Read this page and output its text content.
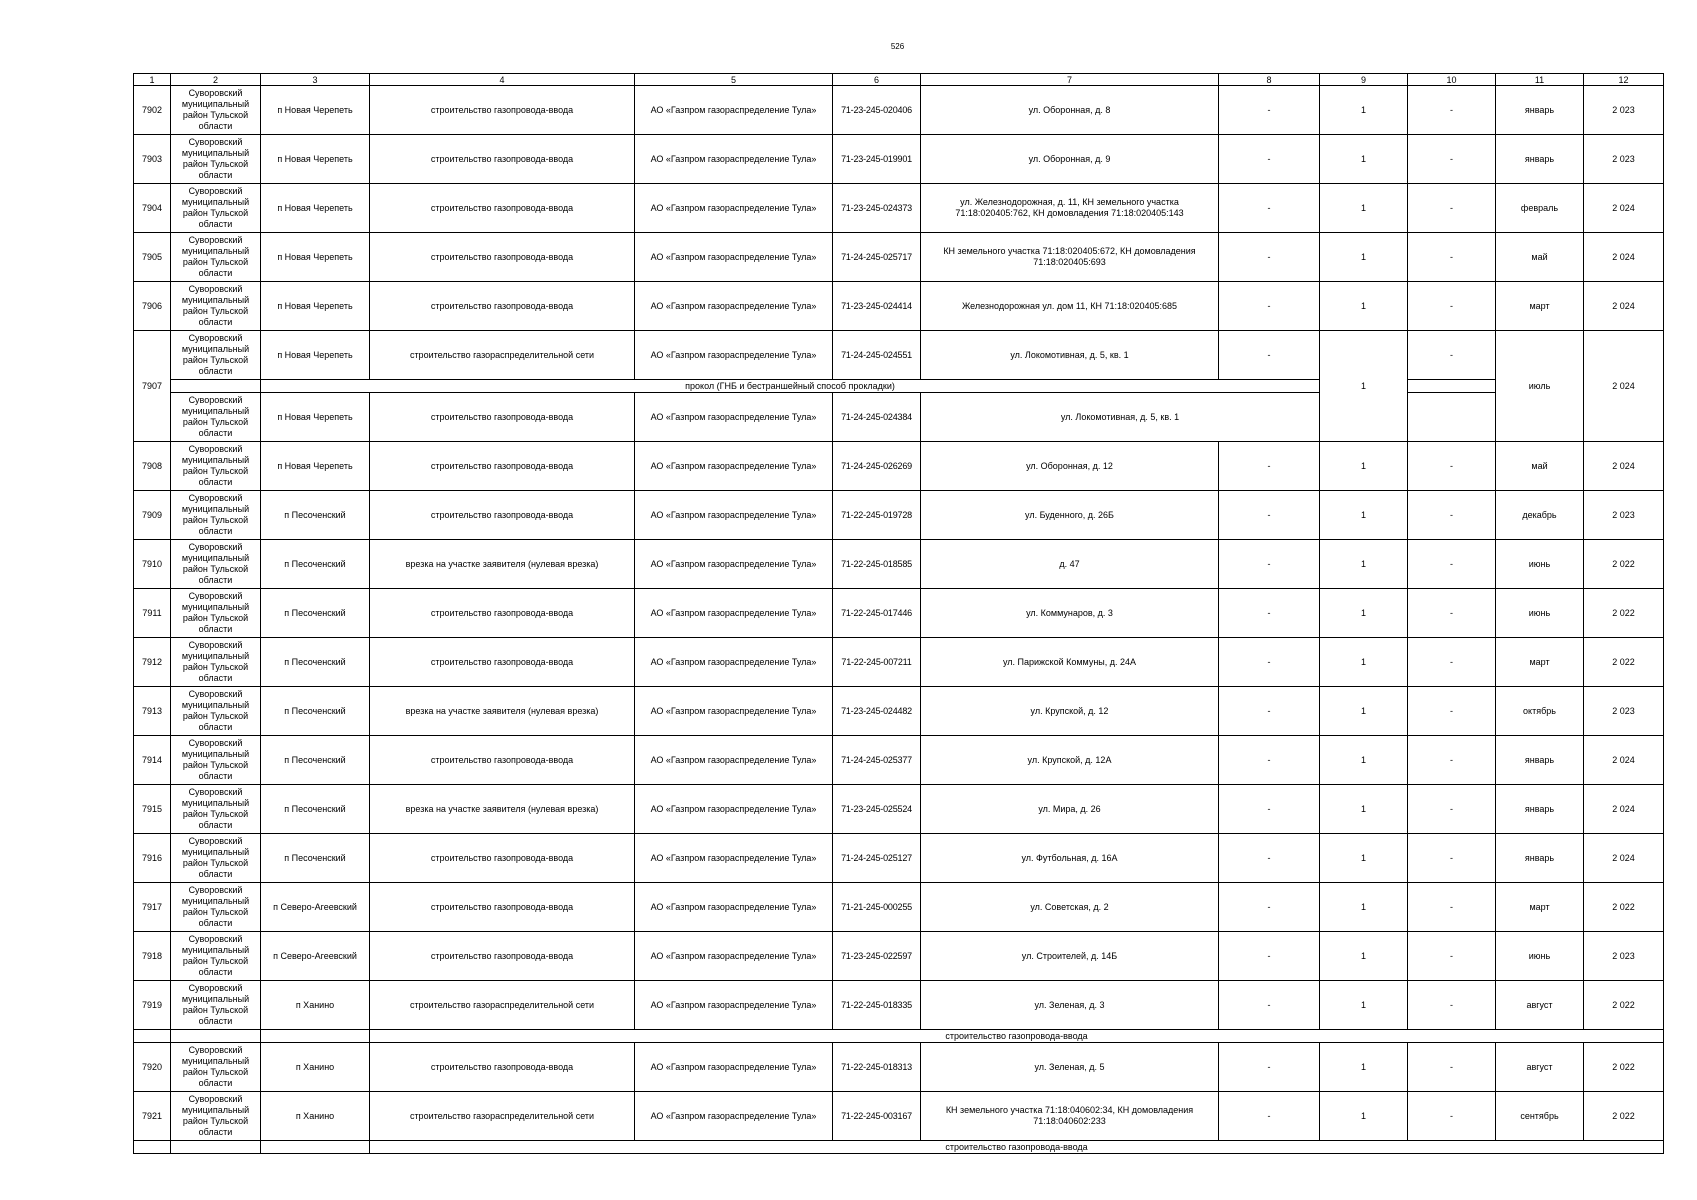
526
1	2	3	4	5	6	7	8	9	10	11	12
7902	Суворовский муниципальный район Тульской области	п Новая Черепеть	строительство газопровода-ввода	АО «Газпром газораспределение Тула»	71-23-245-020406	ул. Оборонная, д. 8	-	1	-	январь	2 023
7903	Суворовский муниципальный район Тульской области	п Новая Черепеть	строительство газопровода-ввода	АО «Газпром газораспределение Тула»	71-23-245-019901	ул. Оборонная, д. 9	-	1	-	январь	2 023
7904	Суворовский муниципальный район Тульской области	п Новая Черепеть	строительство газопровода-ввода	АО «Газпром газораспределение Тула»	71-23-245-024373	ул. Железнодорожная, д. 11, КН земельного участка 71:18:020405:762, КН домовладения 71:18:020405:143	-	1	-	февраль	2 024
7905	Суворовский муниципальный район Тульской области	п Новая Черепеть	строительство газопровода-ввода	АО «Газпром газораспределение Тула»	71-24-245-025717	КН земельного участка 71:18:020405:672, КН домовладения 71:18:020405:693	-	1	-	май	2 024
7906	Суворовский муниципальный район Тульской области	п Новая Черепеть	строительство газопровода-ввода	АО «Газпром газораспределение Тула»	71-23-245-024414	Железнодорожная ул. дом 11, КН 71:18:020405:685	-	1	-	март	2 024
7907	Суворовский муниципальный район Тульской области	п Новая Черепеть	строительство газораспределительной сети	АО «Газпром газораспределение Тула»	71-24-245-024551	ул. Локомотивная, д. 5, кв. 1	-	1	-	июль	2 024
		прокол (ГНБ и бестраншейный способ прокладки)									
	Суворовский муниципальный район Тульской области	п Новая Черепеть	строительство газопровода-ввода	АО «Газпром газораспределение Тула»	71-24-245-024384	ул. Локомотивная, д. 5, кв. 1					
7908	Суворовский муниципальный район Тульской области	п Новая Черепеть	строительство газопровода-ввода	АО «Газпром газораспределение Тула»	71-24-245-026269	ул. Оборонная, д. 12	-	1	-	май	2 024
7909	Суворовский муниципальный район Тульской области	п Песоченский	строительство газопровода-ввода	АО «Газпром газораспределение Тула»	71-22-245-019728	ул. Буденного, д. 26Б	-	1	-	декабрь	2 023
7910	Суворовский муниципальный район Тульской области	п Песоченский	врезка на участке заявителя (нулевая врезка)	АО «Газпром газораспределение Тула»	71-22-245-018585	д. 47	-	1	-	июнь	2 022
7911	Суворовский муниципальный район Тульской области	п Песоченский	строительство газопровода-ввода	АО «Газпром газораспределение Тула»	71-22-245-017446	ул. Коммунаров, д. 3	-	1	-	июнь	2 022
7912	Суворовский муниципальный район Тульской области	п Песоченский	строительство газопровода-ввода	АО «Газпром газораспределение Тула»	71-22-245-007211	ул. Парижской Коммуны, д. 24А	-	1	-	март	2 022
7913	Суворовский муниципальный район Тульской области	п Песоченский	врезка на участке заявителя (нулевая врезка)	АО «Газпром газораспределение Тула»	71-23-245-024482	ул. Крупской, д. 12	-	1	-	октябрь	2 023
7914	Суворовский муниципальный район Тульской области	п Песоченский	строительство газопровода-ввода	АО «Газпром газораспределение Тула»	71-24-245-025377	ул. Крупской, д. 12А	-	1	-	январь	2 024
7915	Суворовский муниципальный район Тульской области	п Песоченский	врезка на участке заявителя (нулевая врезка)	АО «Газпром газораспределение Тула»	71-23-245-025524	ул. Мира, д. 26	-	1	-	январь	2 024
7916	Суворовский муниципальный район Тульской области	п Песоченский	строительство газопровода-ввода	АО «Газпром газораспределение Тула»	71-24-245-025127	ул. Футбольная, д. 16А	-	1	-	январь	2 024
7917	Суворовский муниципальный район Тульской области	п Северо-Агеевский	строительство газопровода-ввода	АО «Газпром газораспределение Тула»	71-21-245-000255	ул. Советская, д. 2	-	1	-	март	2 022
7918	Суворовский муниципальный район Тульской области	п Северо-Агеевский	строительство газопровода-ввода	АО «Газпром газораспределение Тула»	71-23-245-022597	ул. Строителей, д. 14Б	-	1	-	июнь	2 023
7919	Суворовский муниципальный район Тульской области	п Ханино	строительство газораспределительной сети	АО «Газпром газораспределение Тула»	71-22-245-018335	ул. Зеленая, д. 3	-	1	-	август	2 022
			строительство газопровода-ввода								
7920	Суворовский муниципальный район Тульской области	п Ханино	строительство газопровода-ввода	АО «Газпром газораспределение Тула»	71-22-245-018313	ул. Зеленая, д. 5	-	1	-	август	2 022
7921	Суворовский муниципальный район Тульской области	п Ханино	строительство газораспределительной сети	АО «Газпром газораспределение Тула»	71-22-245-003167	КН земельного участка 71:18:040602:34, КН домовладения 71:18:040602:233	-	1	-	сентябрь	2 022
			строительство газопровода-ввода								
